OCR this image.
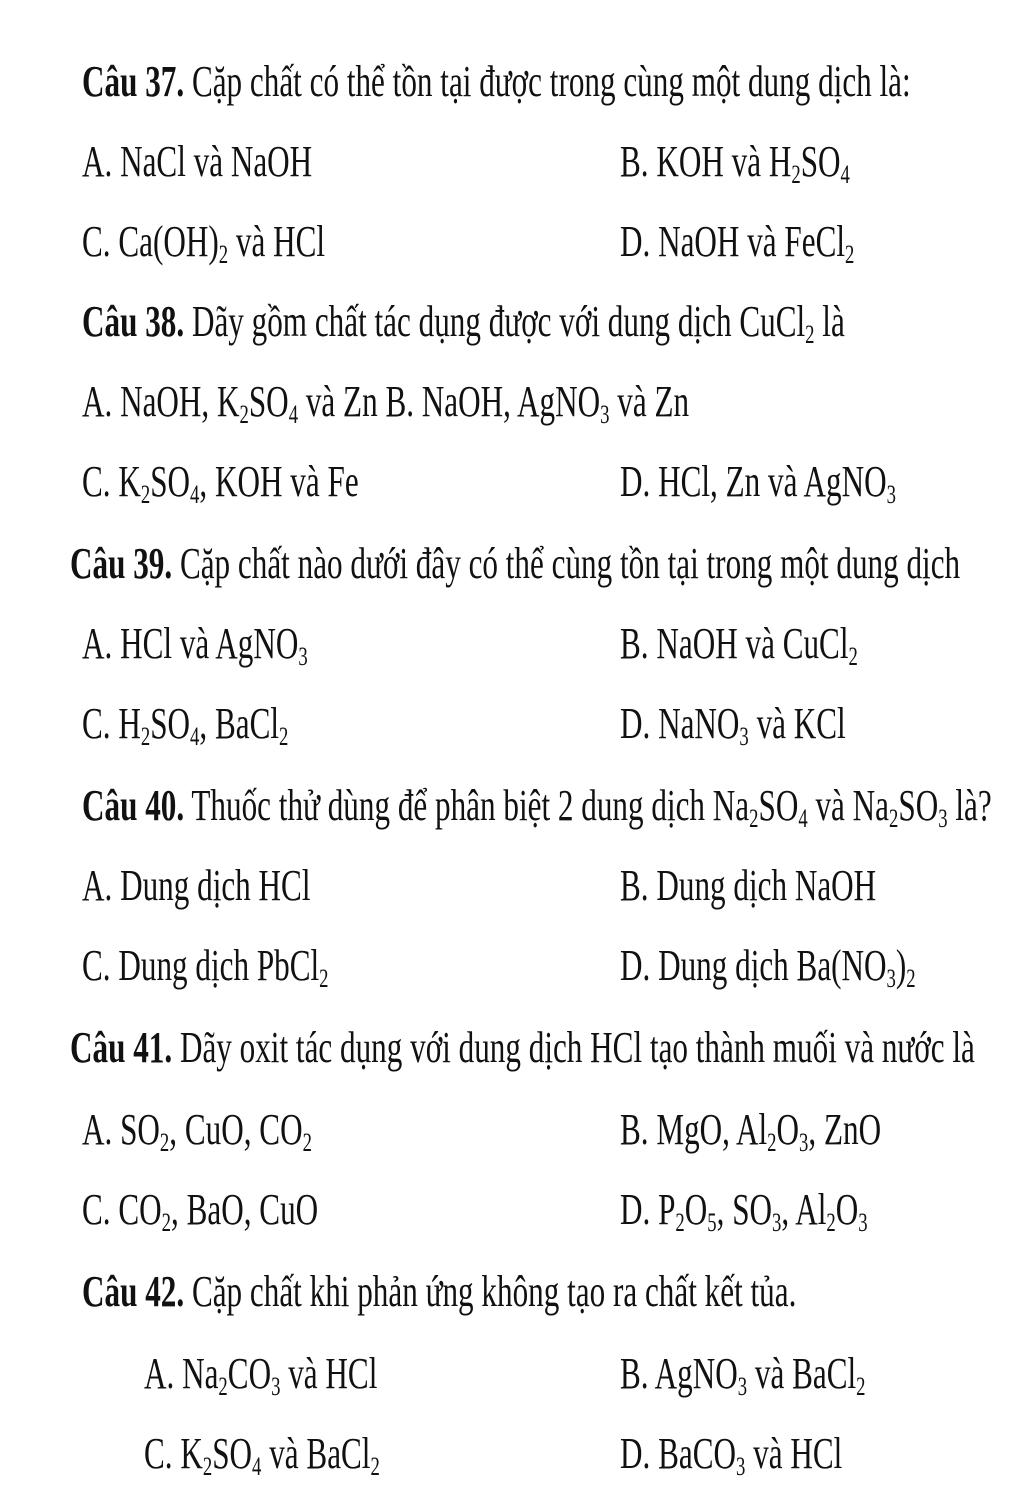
Câu 37. Cặp chất có thể tồn tại được trong cùng một dung dịch là:
A. NaCl và NaOH	B. KOH và $H_2SO_4$
C. $Ca(OH)_2$ và HCl	D. NaOH và FeCl$_2$
Câu 38. Dãy gồm chất tác dụng được với dung dịch CuCl$_2$ là
A. NaOH, $K_2SO_4$ và Zn B. NaOH, AgNO$_3$ và Zn
C. $K_2SO_4$, KOH và Fe	D. HCl, Zn và AgNO$_3$
Câu 39. Cặp chất nào dưới đây có thể cùng tồn tại trong một dung dịch
A. HCl và AgNO$_3$	B. NaOH và CuCl$_2$
C. $H_2SO_4$, BaCl$_2$	D. NaNO$_3$ và KCl
Câu 40. Thuốc thử dùng để phân biệt 2 dung dịch $Na_2SO_4$ và $Na_2SO_3$ là?
A. Dung dịch HCl	B. Dung dịch NaOH
C. Dung dịch PbCl$_2$	D. Dung dịch $Ba(NO_3)_2$
Câu 41. Dãy oxit tác dụng với dung dịch HCl tạo thành muối và nước là
A. $SO_2$, CuO, $CO_2$	B. MgO, $Al_2O_3$, ZnO
C. $CO_2$, BaO, CuO	D. $P_2O_5$, $SO_3$, $Al_2O_3$
Câu 42. Cặp chất khi phản ứng không tạo ra chất kết tủa.
A. $Na_2CO_3$ và HCl	B. AgNO$_3$ và BaCl$_2$
C. $K_2SO_4$ và BaCl$_2$	D. BaCO$_3$ và HCl
